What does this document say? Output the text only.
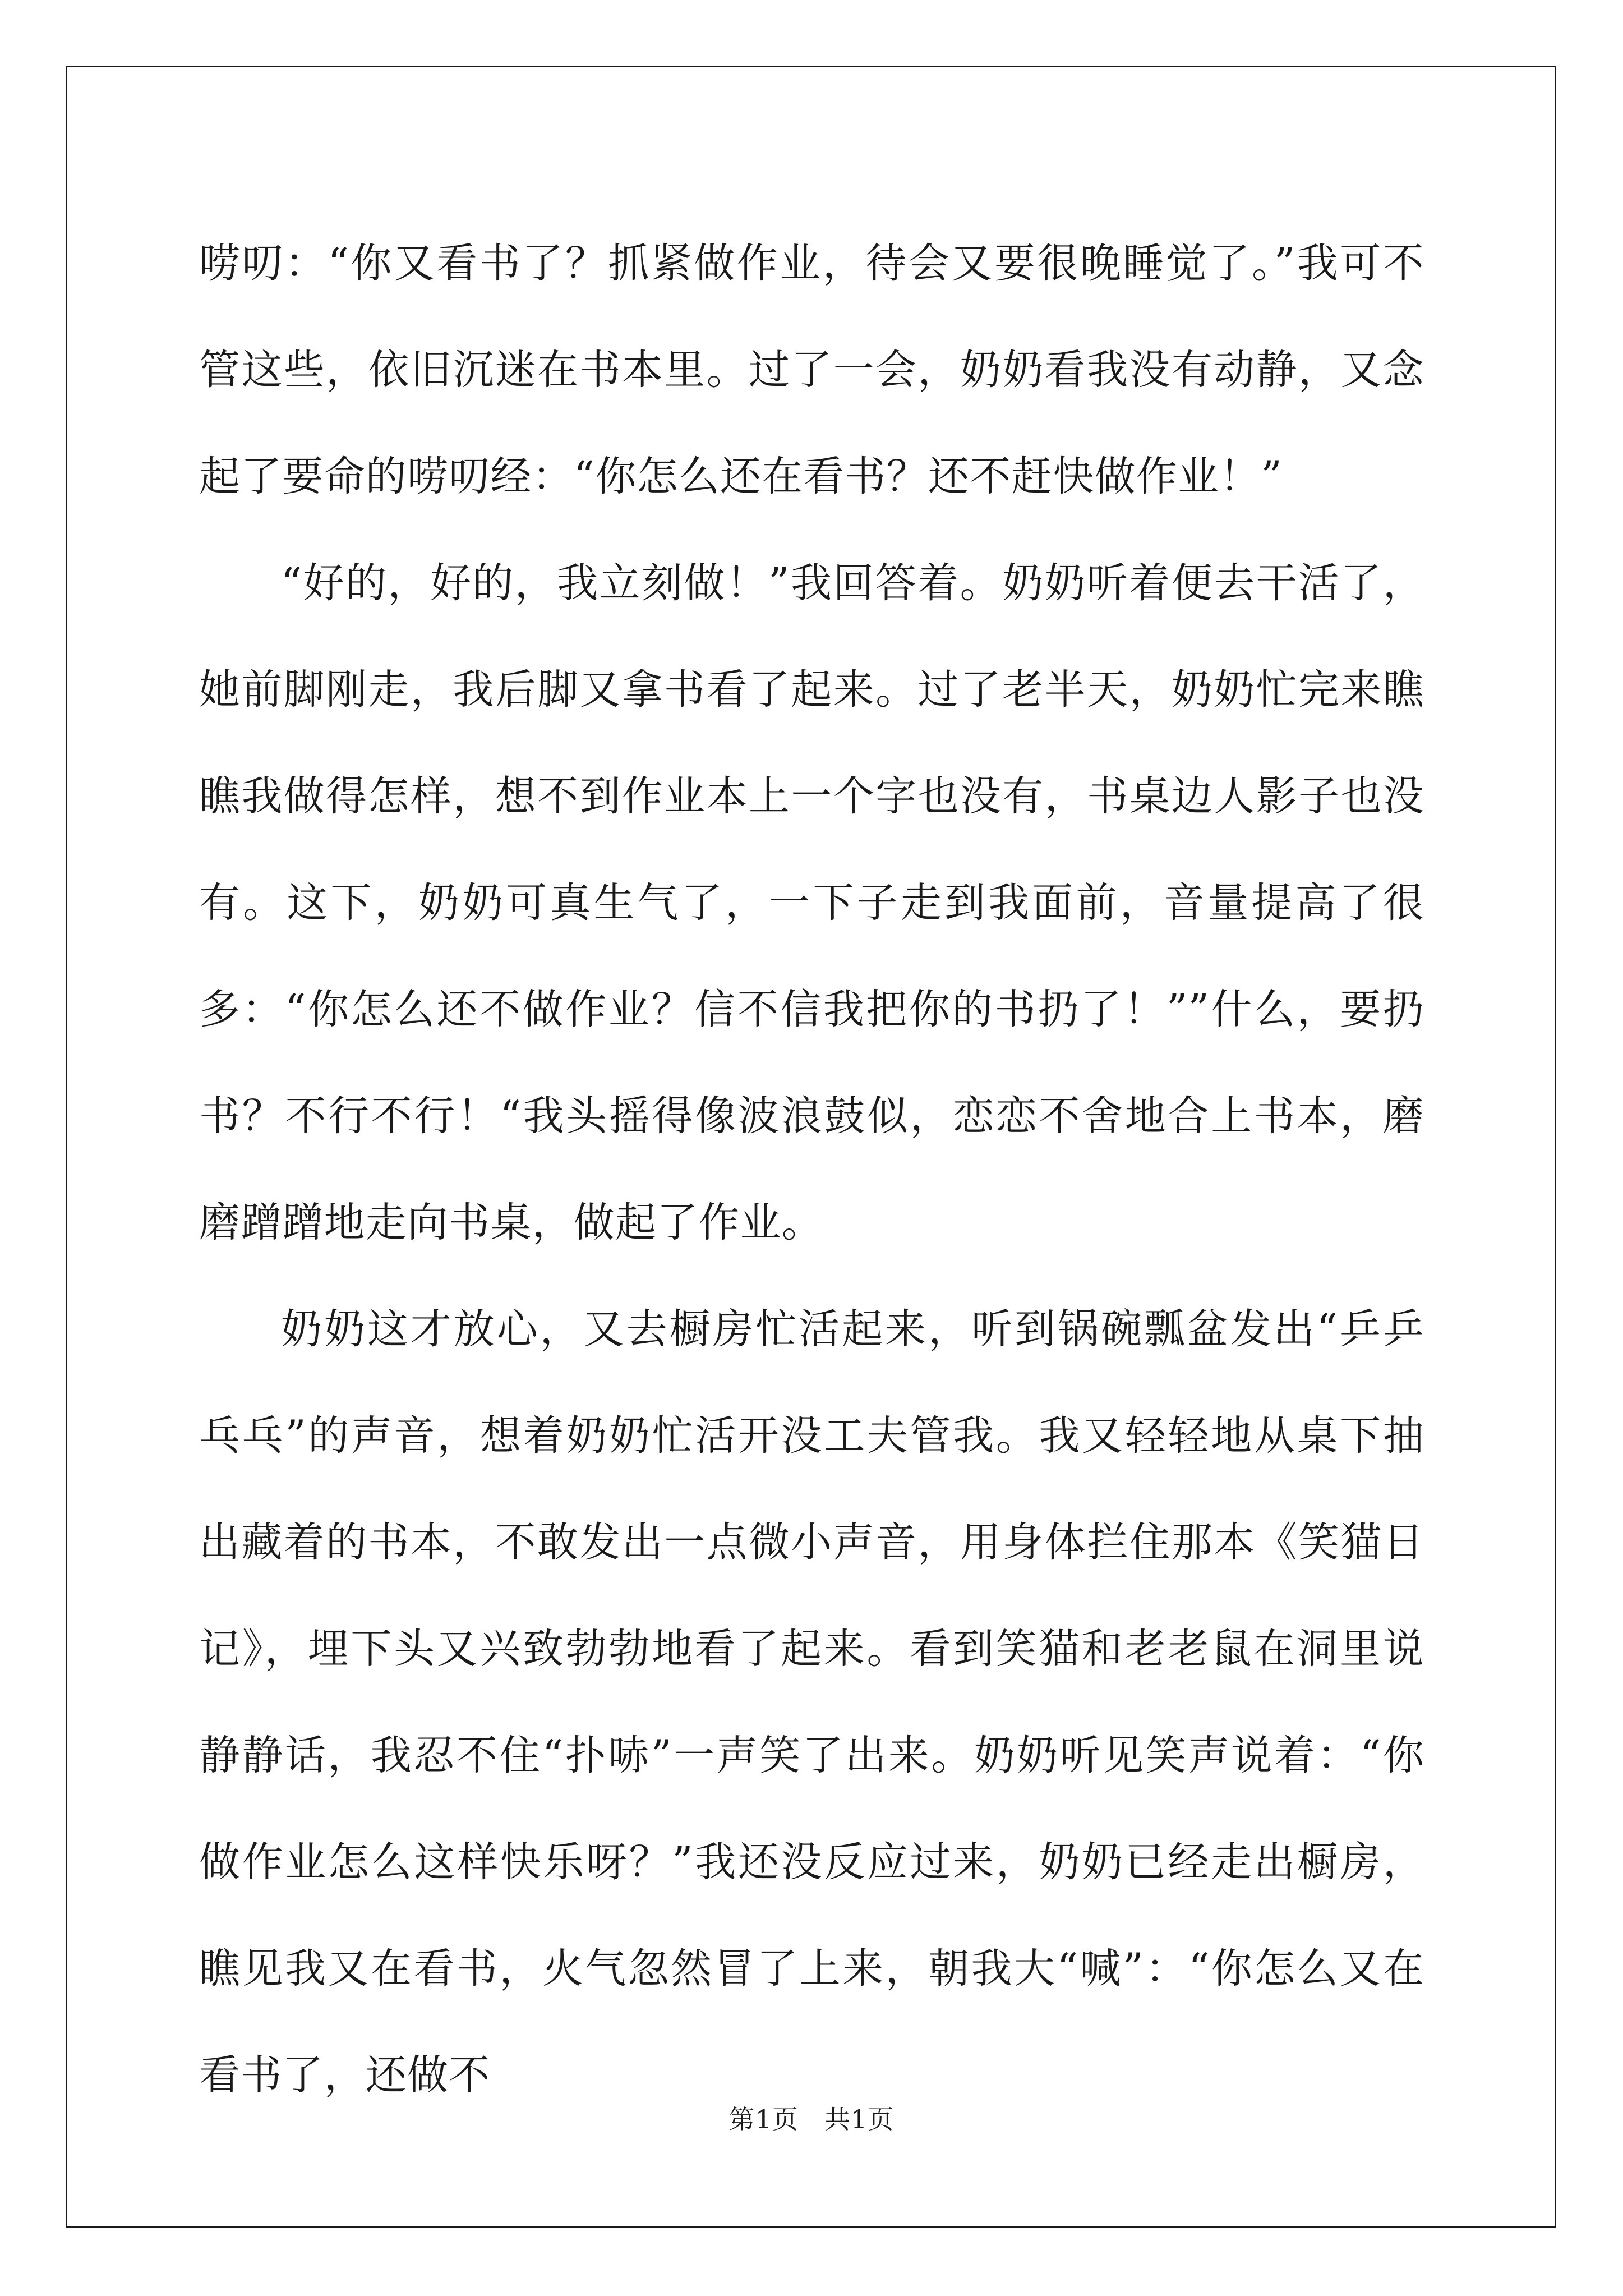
唠叨：“你又看书了？抓紧做作业，待会又要很晚睡觉了。”我可不管这些，依旧沉迷在书本里。过了一会，奶奶看我没有动静，又念起了要命的唠叨经：“你怎么还在看书？还不赶快做作业！”

“好的，好的，我立刻做！”我回答着。奶奶听着便去干活了，她前脚刚走，我后脚又拿书看了起来。过了老半天，奶奶忙完来瞧瞧我做得怎样，想不到作业本上一个字也没有，书桌边人影子也没有。这下，奶奶可真生气了，一下子走到我面前，音量提高了很多：“你怎么还不做作业？信不信我把你的书扔了！””什么，要扔书？不行不行！“我头摇得像波浪鼓似，恋恋不舍地合上书本，磨磨蹭蹭地走向书桌，做起了作业。

奶奶这才放心，又去橱房忙活起来，听到锅碗瓢盆发出“乒乒乓乓”的声音，想着奶奶忙活开没工夫管我。我又轻轻地从桌下抽出藏着的书本，不敢发出一点微小声音，用身体拦住那本《笑猫日记》，埋下头又兴致勃勃地看了起来。看到笑猫和老老鼠在洞里说静静话，我忍不住“扑哧”一声笑了出来。奶奶听见笑声说着：“你做作业怎么这样快乐呀？”我还没反应过来，奶奶已经走出橱房，瞧见我又在看书，火气忽然冒了上来，朝我大“喊”：“你怎么又在看书了，还做不

第1页 共1页
